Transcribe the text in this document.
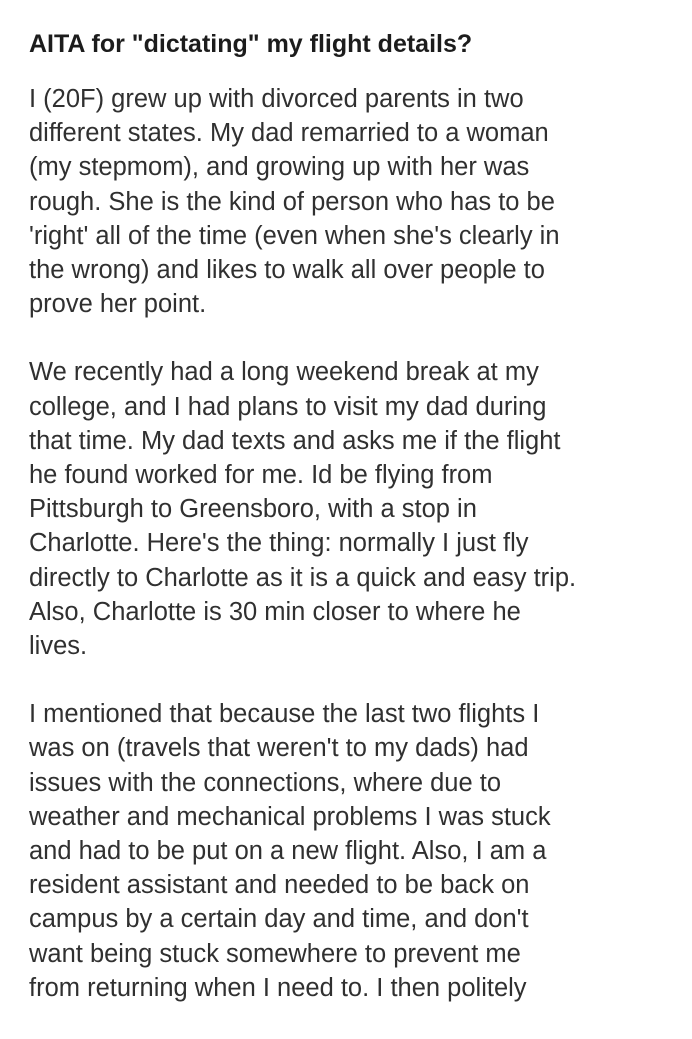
AITA for "dictating" my flight details?

I (20F) grew up with divorced parents in two
different states. My dad remarried to a woman
(my stepmom), and growing up with her was
rough. She is the kind of person who has to be
'right' all of the time (even when she's clearly in
the wrong) and likes to walk all over people to
prove her point.

We recently had a long weekend break at my
college, and I had plans to visit my dad during
that time. My dad texts and asks me if the flight
he found worked for me. Id be flying from
Pittsburgh to Greensboro, with a stop in
Charlotte. Here's the thing: normally I just fly
directly to Charlotte as it is a quick and easy trip.
Also, Charlotte is 30 min closer to where he
lives.

I mentioned that because the last two flights I
was on (travels that weren't to my dads) had
issues with the connections, where due to
weather and mechanical problems I was stuck
and had to be put on a new flight. Also, I am a
resident assistant and needed to be back on
campus by a certain day and time, and don't
want being stuck somewhere to prevent me
from returning when I need to. I then politely
